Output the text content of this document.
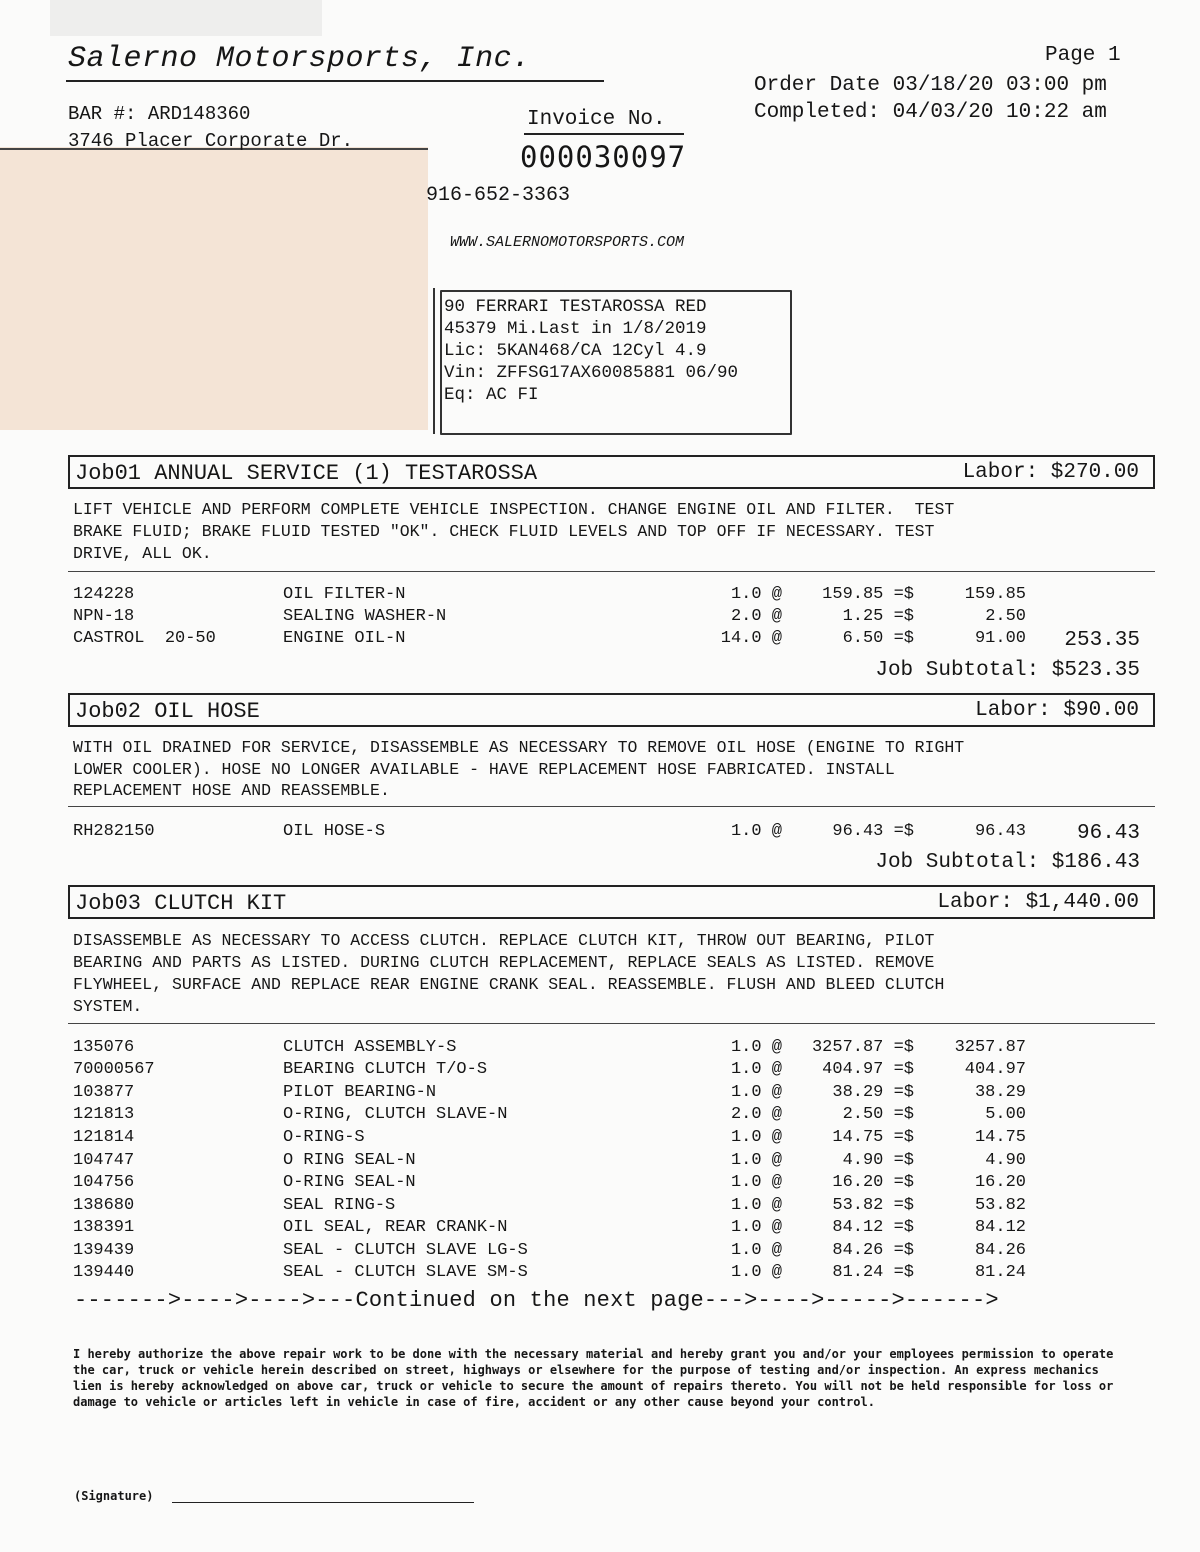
Salerno Motorsports, Inc.	Page 1
Order Date 03/18/20 03:00 pm
Completed: 04/03/20 10:22 am
BAR #: ARD148360
3746 Placer Corporate Dr.
Invoice No.
000030097
916-652-3363
WWW.SALERNOMOTORSPORTS.COM

90 FERRARI TESTAROSSA RED

45379 Mi.Last in 1/8/2019

Lic: 5KAN468/CA 12Cyl 4.9

Vin: ZFFSG17AX60085881 06/90

Eq: AC FI

Job01 ANNUAL SERVICE (1) TESTAROSSA	Labor: $270.00
LIFT VEHICLE AND PERFORM COMPLETE VEHICLE INSPECTION. CHANGE ENGINE OIL AND FILTER.  TEST
BRAKE FLUID; BRAKE FLUID TESTED "OK". CHECK FLUID LEVELS AND TOP OFF IF NECESSARY. TEST
DRIVE, ALL OK.
124228	OIL FILTER-N	1.0 @	159.85 =$	159.85
NPN-18	SEALING WASHER-N	2.0 @	1.25 =$	2.50
CASTROL  20-50	ENGINE OIL-N	14.0 @	6.50 =$	91.00	253.35
Job Subtotal: $523.35
Job02 OIL HOSE	Labor: $90.00
WITH OIL DRAINED FOR SERVICE, DISASSEMBLE AS NECESSARY TO REMOVE OIL HOSE (ENGINE TO RIGHT
LOWER COOLER). HOSE NO LONGER AVAILABLE - HAVE REPLACEMENT HOSE FABRICATED. INSTALL
REPLACEMENT HOSE AND REASSEMBLE.
RH282150	OIL HOSE-S	1.0 @	96.43 =$	96.43	96.43
Job Subtotal: $186.43
Job03 CLUTCH KIT	Labor: $1,440.00
DISASSEMBLE AS NECESSARY TO ACCESS CLUTCH. REPLACE CLUTCH KIT, THROW OUT BEARING, PILOT
BEARING AND PARTS AS LISTED. DURING CLUTCH REPLACEMENT, REPLACE SEALS AS LISTED. REMOVE
FLYWHEEL, SURFACE AND REPLACE REAR ENGINE CRANK SEAL. REASSEMBLE. FLUSH AND BLEED CLUTCH
SYSTEM.
135076	CLUTCH ASSEMBLY-S	1.0 @	3257.87 =$	3257.87
70000567	BEARING CLUTCH T/O-S	1.0 @	404.97 =$	404.97
103877	PILOT BEARING-N	1.0 @	38.29 =$	38.29
121813	O-RING, CLUTCH SLAVE-N	2.0 @	2.50 =$	5.00
121814	O-RING-S	1.0 @	14.75 =$	14.75
104747	O RING SEAL-N	1.0 @	4.90 =$	4.90
104756	O-RING SEAL-N	1.0 @	16.20 =$	16.20
138680	SEAL RING-S	1.0 @	53.82 =$	53.82
138391	OIL SEAL, REAR CRANK-N	1.0 @	84.12 =$	84.12
139439	SEAL - CLUTCH SLAVE LG-S	1.0 @	84.26 =$	84.26
139440	SEAL - CLUTCH SLAVE SM-S	1.0 @	81.24 =$	81.24
------->---->---->---Continued on the next page--->---->----->------>
I hereby authorize the above repair work to be done with the necessary material and hereby grant you and/or your employees permission to operate the car, truck or vehicle herein described on street, highways or elsewhere for the purpose of testing and/or inspection. An express mechanics lien is hereby acknowledged on above car, truck or vehicle to secure the amount of repairs thereto. You will not be held responsible for loss or damage to vehicle or articles left in vehicle in case of fire, accident or any other cause beyond your control.
(Signature)
